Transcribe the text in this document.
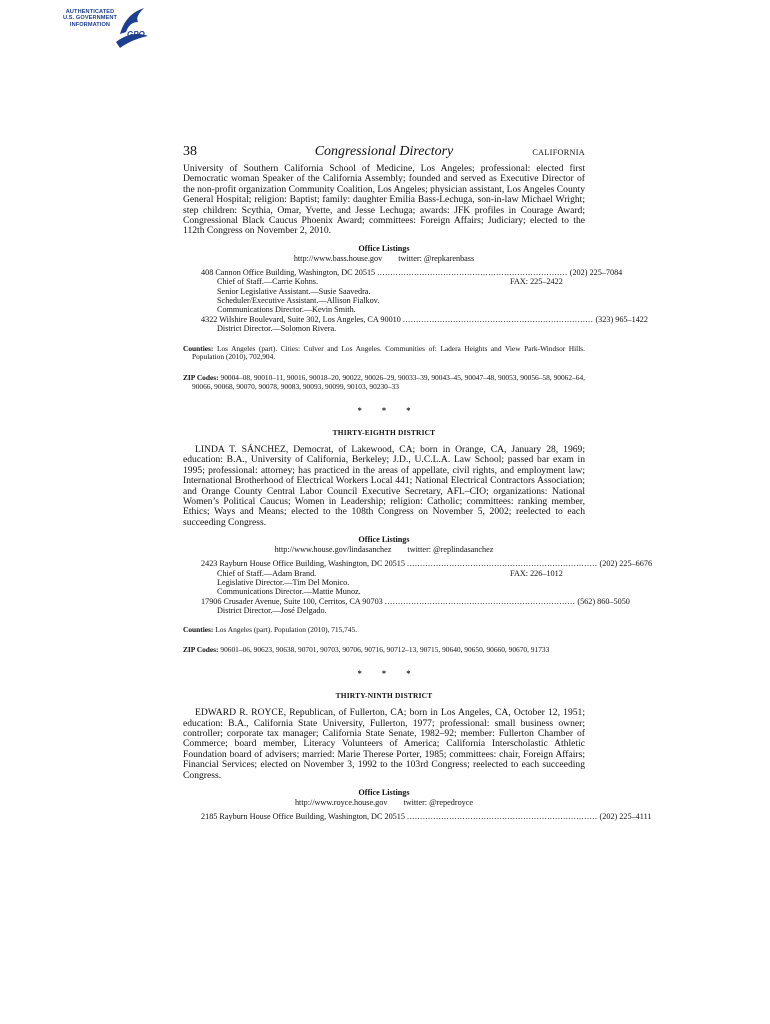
AUTHENTICATED
U.S. GOVERNMENT
INFORMATION
GPO
38	Congressional Directory	CALIFORNIA

University of Southern California School of Medicine, Los Angeles; professional: elected first Democratic woman Speaker of the California Assembly; founded and served as Executive Director of the non-profit organization Community Coalition, Los Angeles; physician assistant, Los Angeles County General Hospital; religion: Baptist; family: daughter Emilia Bass-Lechuga, son-in-law Michael Wright; step children: Scythia, Omar, Yvette, and Jesse Lechuga; awards: JFK profiles in Courage Award; Congressional Black Caucus Phoenix Award; committees: Foreign Affairs; Judiciary; elected to the 112th Congress on November 2, 2010.

Office Listings
http://www.bass.house.gov twitter: @repkarenbass
408 Cannon Office Building, Washington, DC 20515 ........................................................................ (202) 225–7084
Chief of Staff.—Carrie Kohns.	FAX: 225–2422
Senior Legislative Assistant.—Susie Saavedra.
Scheduler/Executive Assistant.—Allison Fialkov.
Communications Director.—Kevin Smith.
4322 Wilshire Boulevard, Suite 302, Los Angeles, CA 90010 ........................................................................ (323) 965–1422
District Director.—Solomon Rivera.
Counties: Los Angeles (part). Cities: Culver and Los Angeles. Communities of: Ladera Heights and View Park-Windsor Hills. Population (2010), 702,904.
ZIP Codes: 90004–08, 90010–11, 90016, 90018–20, 90022, 90026–29, 90033–39, 90043–45, 90047–48, 90053, 90056–58, 90062–64, 90066, 90068, 90070, 90078, 90083, 90093, 90099, 90103, 90230–33
* * *
THIRTY-EIGHTH DISTRICT

LINDA T. SÁNCHEZ, Democrat, of Lakewood, CA; born in Orange, CA, January 28, 1969; education: B.A., University of California, Berkeley; J.D., U.C.L.A. Law School; passed bar exam in 1995; professional: attorney; has practiced in the areas of appellate, civil rights, and employment law; International Brotherhood of Electrical Workers Local 441; National Electrical Contractors Association; and Orange County Central Labor Council Executive Secretary, AFL–CIO; organizations: National Women’s Political Caucus; Women in Leadership; religion: Catholic; committees: ranking member, Ethics; Ways and Means; elected to the 108th Congress on November 5, 2002; reelected to each succeeding Congress.

Office Listings
http://www.house.gov/lindasanchez twitter: @replindasanchez
2423 Rayburn House Office Building, Washington, DC 20515 ........................................................................ (202) 225–6676
Chief of Staff.—Adam Brand.	FAX: 226–1012
Legislative Director.—Tim Del Monico.
Communications Director.—Mattie Munoz.
17906 Crusader Avenue, Suite 100, Cerritos, CA 90703 ........................................................................ (562) 860–5050
District Director.—José Delgado.
Counties: Los Angeles (part). Population (2010), 715,745.
ZIP Codes: 90601–06, 90623, 90638, 90701, 90703, 90706, 90716, 90712–13, 90715, 90640, 90650, 90660, 90670, 91733
* * *
THIRTY-NINTH DISTRICT

EDWARD R. ROYCE, Republican, of Fullerton, CA; born in Los Angeles, CA, October 12, 1951; education: B.A., California State University, Fullerton, 1977; professional: small business owner; controller; corporate tax manager; California State Senate, 1982–92; member: Fullerton Chamber of Commerce; board member, Literacy Volunteers of America; California Interscholastic Athletic Foundation board of advisers; married: Marie Therese Porter, 1985; committees: chair, Foreign Affairs; Financial Services; elected on November 3, 1992 to the 103rd Congress; reelected to each succeeding Congress.

Office Listings
http://www.royce.house.gov twitter: @repedroyce
2185 Rayburn House Office Building, Washington, DC 20515 ........................................................................ (202) 225–4111
